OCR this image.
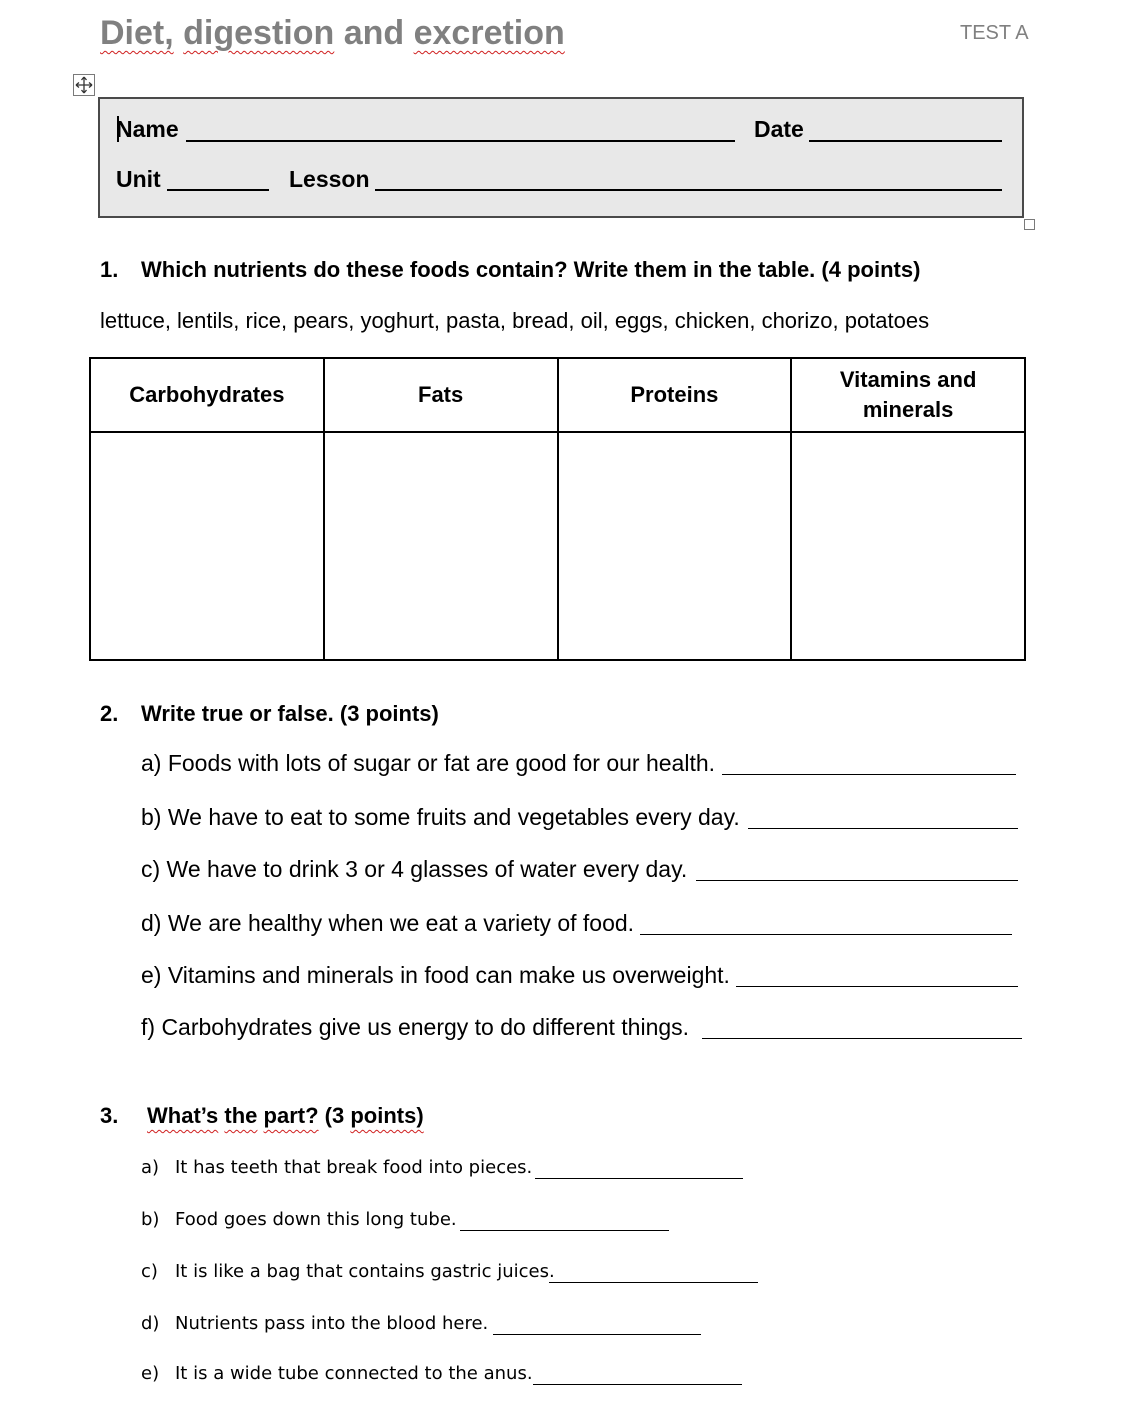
Diet, digestion and excretion	TEST A
Name	Date
Unit	Lesson
1. Which nutrients do these foods contain? Write them in the table. (4 points)
lettuce, lentils, rice, pears, yoghurt, pasta, bread, oil, eggs, chicken, chorizo, potatoes
Carbohydrates	Fats	Proteins	Vitamins and
minerals

2. Write true or false. (3 points)
a) Foods with lots of sugar or fat are good for our health.
b) We have to eat to some fruits and vegetables every day.
c) We have to drink 3 or 4 glasses of water every day.
d) We are healthy when we eat a variety of food.
e) Vitamins and minerals in food can make us overweight.
f) Carbohydrates give us energy to do different things.
3. What’s the part? (3 points)
a) It has teeth that break food into pieces.
b) Food goes down this long tube.
c) It is like a bag that contains gastric juices.
d) Nutrients pass into the blood here.
e) It is a wide tube connected to the anus.
